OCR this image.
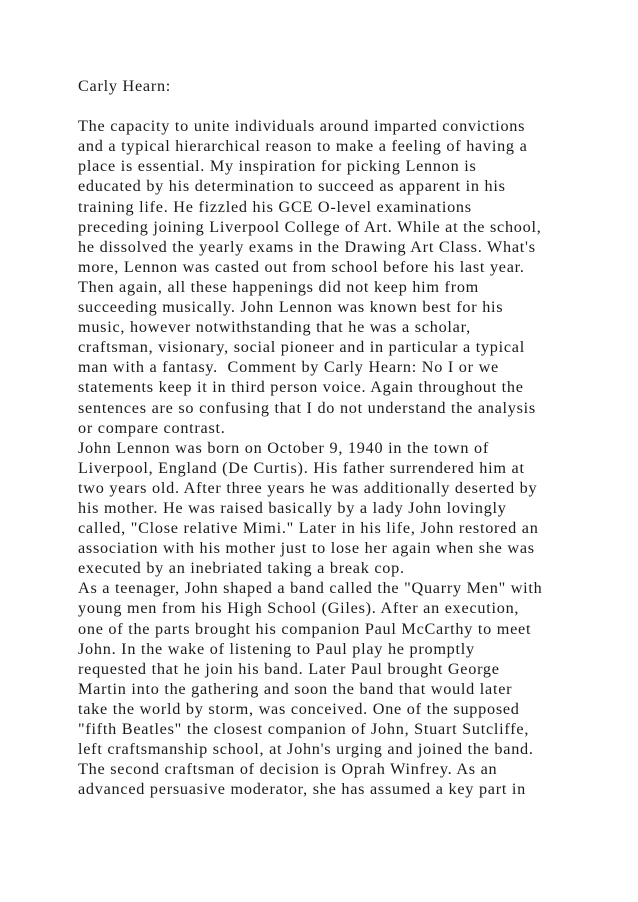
Carly Hearn:
The capacity to unite individuals around imparted convictions
and a typical hierarchical reason to make a feeling of having a
place is essential. My inspiration for picking Lennon is
educated by his determination to succeed as apparent in his
training life. He fizzled his GCE O-level examinations
preceding joining Liverpool College of Art. While at the school,
he dissolved the yearly exams in the Drawing Art Class. What's
more, Lennon was casted out from school before his last year.
Then again, all these happenings did not keep him from
succeeding musically. John Lennon was known best for his
music, however notwithstanding that he was a scholar,
craftsman, visionary, social pioneer and in particular a typical
man with a fantasy.  Comment by Carly Hearn: No I or we
statements keep it in third person voice. Again throughout the
sentences are so confusing that I do not understand the analysis
or compare contrast.
John Lennon was born on October 9, 1940 in the town of
Liverpool, England (De Curtis). His father surrendered him at
two years old. After three years he was additionally deserted by
his mother. He was raised basically by a lady John lovingly
called, "Close relative Mimi." Later in his life, John restored an
association with his mother just to lose her again when she was
executed by an inebriated taking a break cop.
As a teenager, John shaped a band called the "Quarry Men" with
young men from his High School (Giles). After an execution,
one of the parts brought his companion Paul McCarthy to meet
John. In the wake of listening to Paul play he promptly
requested that he join his band. Later Paul brought George
Martin into the gathering and soon the band that would later
take the world by storm, was conceived. One of the supposed
"fifth Beatles" the closest companion of John, Stuart Sutcliffe,
left craftsmanship school, at John's urging and joined the band.
The second craftsman of decision is Oprah Winfrey. As an
advanced persuasive moderator, she has assumed a key part in
